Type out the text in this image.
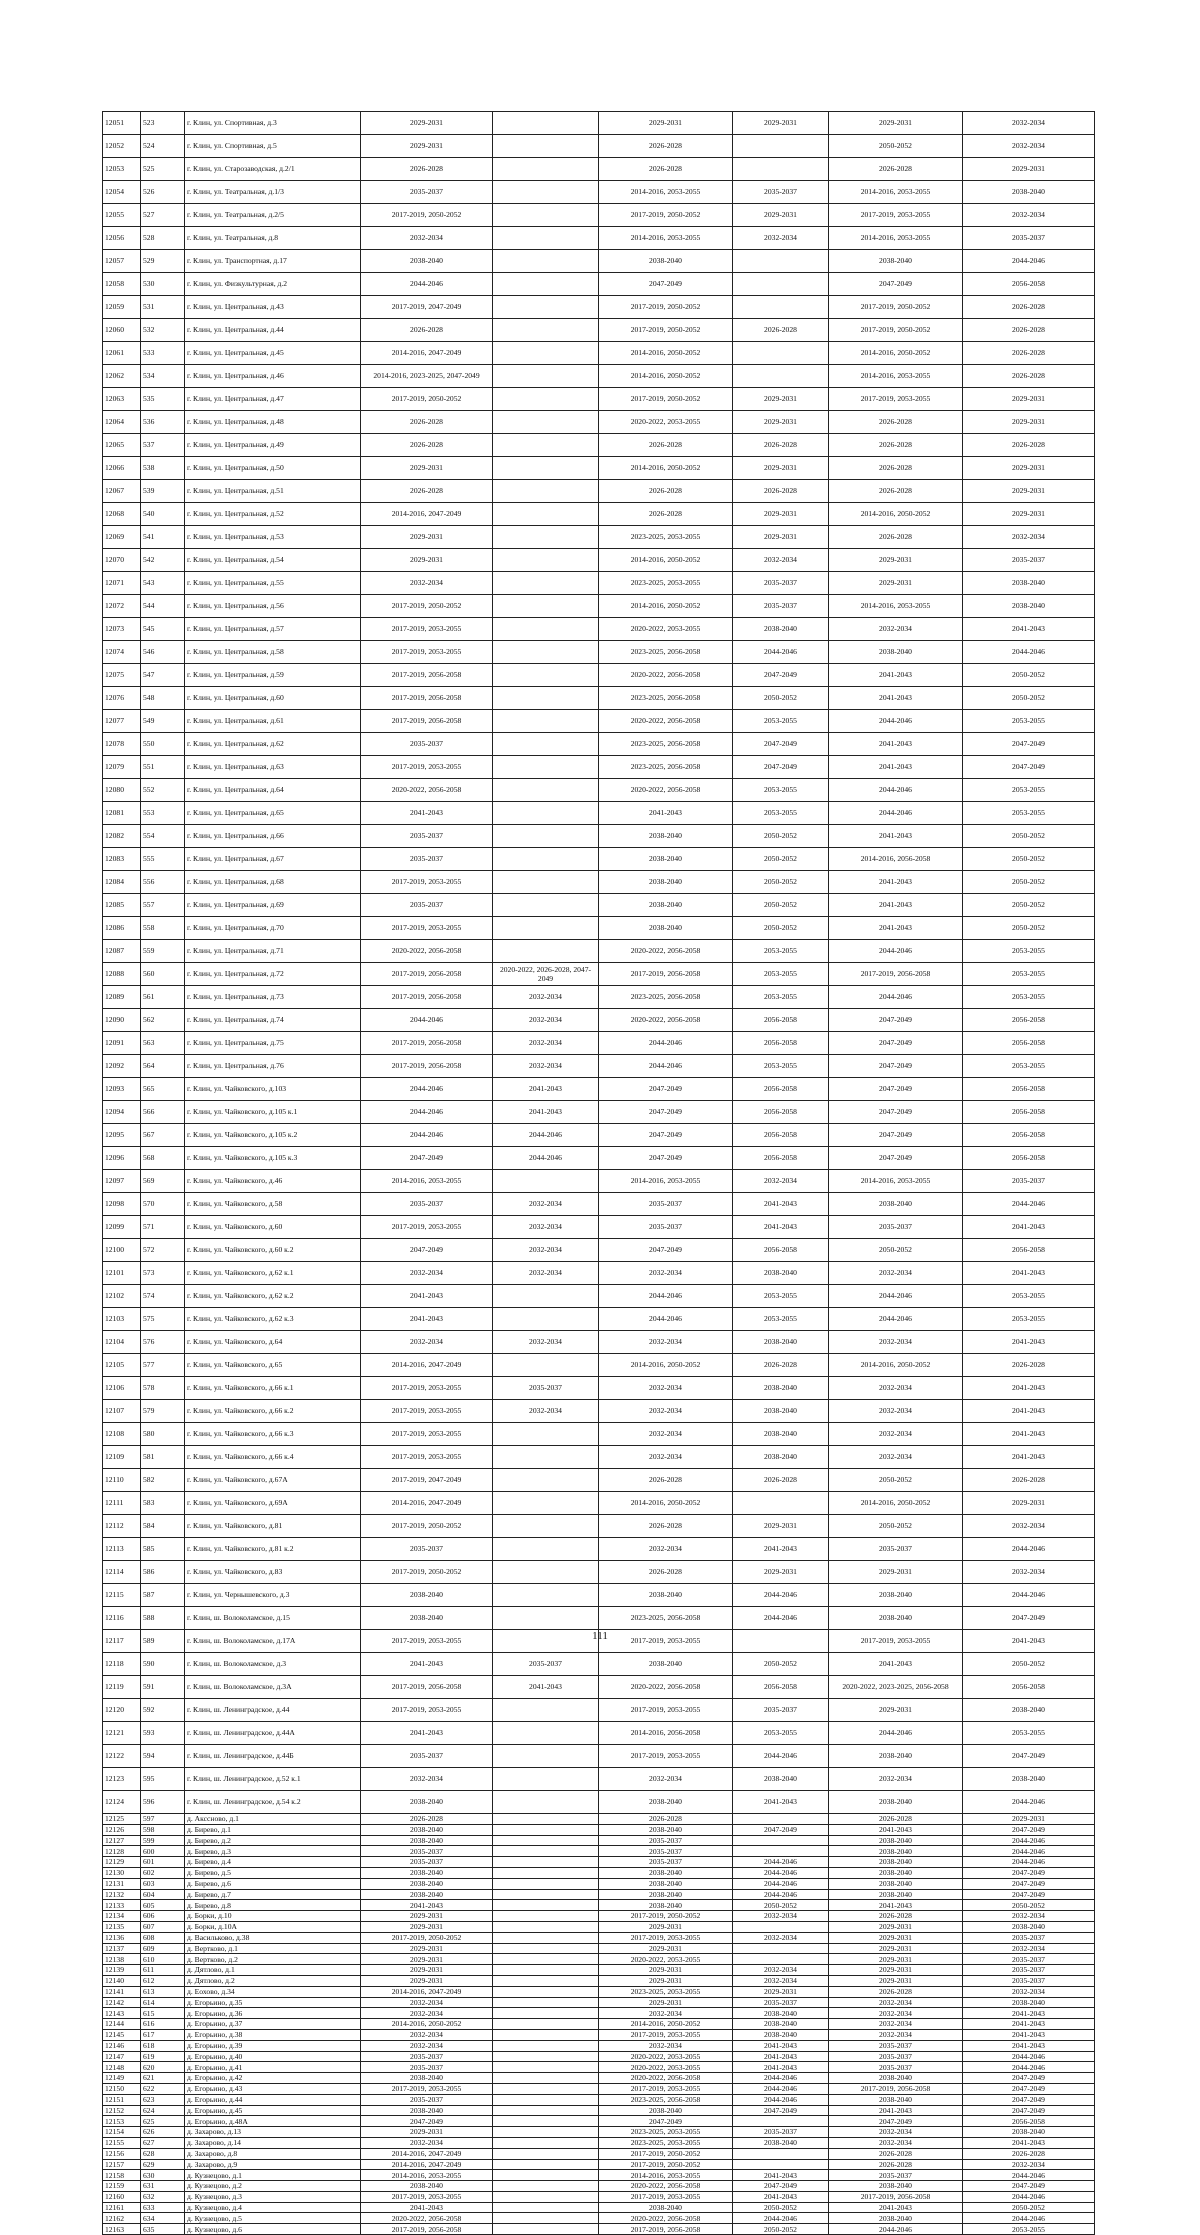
12051	523	г. Клин, ул. Спортивная, д.3	2029-2031		2029-2031	2029-2031	2029-2031	2032-2034
12052	524	г. Клин, ул. Спортивная, д.5	2029-2031		2026-2028		2050-2052	2032-2034
12053	525	г. Клин, ул. Старозаводская, д.2/1	2026-2028		2026-2028		2026-2028	2029-2031
12054	526	г. Клин, ул. Театральная, д.1/3	2035-2037		2014-2016, 2053-2055	2035-2037	2014-2016, 2053-2055	2038-2040
12055	527	г. Клин, ул. Театральная, д.2/5	2017-2019, 2050-2052		2017-2019, 2050-2052	2029-2031	2017-2019, 2053-2055	2032-2034
12056	528	г. Клин, ул. Театральная, д.8	2032-2034		2014-2016, 2053-2055	2032-2034	2014-2016, 2053-2055	2035-2037
12057	529	г. Клин, ул. Транспортная, д.17	2038-2040		2038-2040		2038-2040	2044-2046
12058	530	г. Клин, ул. Физкультурная, д.2	2044-2046		2047-2049		2047-2049	2056-2058
12059	531	г. Клин, ул. Центральная, д.43	2017-2019, 2047-2049		2017-2019, 2050-2052		2017-2019, 2050-2052	2026-2028
12060	532	г. Клин, ул. Центральная, д.44	2026-2028		2017-2019, 2050-2052	2026-2028	2017-2019, 2050-2052	2026-2028
12061	533	г. Клин, ул. Центральная, д.45	2014-2016, 2047-2049		2014-2016, 2050-2052		2014-2016, 2050-2052	2026-2028
12062	534	г. Клин, ул. Центральная, д.46	2014-2016, 2023-2025, 2047-2049		2014-2016, 2050-2052		2014-2016, 2053-2055	2026-2028
12063	535	г. Клин, ул. Центральная, д.47	2017-2019, 2050-2052		2017-2019, 2050-2052	2029-2031	2017-2019, 2053-2055	2029-2031
12064	536	г. Клин, ул. Центральная, д.48	2026-2028		2020-2022, 2053-2055	2029-2031	2026-2028	2029-2031
12065	537	г. Клин, ул. Центральная, д.49	2026-2028		2026-2028	2026-2028	2026-2028	2026-2028
12066	538	г. Клин, ул. Центральная, д.50	2029-2031		2014-2016, 2050-2052	2029-2031	2026-2028	2029-2031
12067	539	г. Клин, ул. Центральная, д.51	2026-2028		2026-2028	2026-2028	2026-2028	2029-2031
12068	540	г. Клин, ул. Центральная, д.52	2014-2016, 2047-2049		2026-2028	2029-2031	2014-2016, 2050-2052	2029-2031
12069	541	г. Клин, ул. Центральная, д.53	2029-2031		2023-2025, 2053-2055	2029-2031	2026-2028	2032-2034
12070	542	г. Клин, ул. Центральная, д.54	2029-2031		2014-2016, 2050-2052	2032-2034	2029-2031	2035-2037
12071	543	г. Клин, ул. Центральная, д.55	2032-2034		2023-2025, 2053-2055	2035-2037	2029-2031	2038-2040
12072	544	г. Клин, ул. Центральная, д.56	2017-2019, 2050-2052		2014-2016, 2050-2052	2035-2037	2014-2016, 2053-2055	2038-2040
12073	545	г. Клин, ул. Центральная, д.57	2017-2019, 2053-2055		2020-2022, 2053-2055	2038-2040	2032-2034	2041-2043
12074	546	г. Клин, ул. Центральная, д.58	2017-2019, 2053-2055		2023-2025, 2056-2058	2044-2046	2038-2040	2044-2046
12075	547	г. Клин, ул. Центральная, д.59	2017-2019, 2056-2058		2020-2022, 2056-2058	2047-2049	2041-2043	2050-2052
12076	548	г. Клин, ул. Центральная, д.60	2017-2019, 2056-2058		2023-2025, 2056-2058	2050-2052	2041-2043	2050-2052
12077	549	г. Клин, ул. Центральная, д.61	2017-2019, 2056-2058		2020-2022, 2056-2058	2053-2055	2044-2046	2053-2055
12078	550	г. Клин, ул. Центральная, д.62	2035-2037		2023-2025, 2056-2058	2047-2049	2041-2043	2047-2049
12079	551	г. Клин, ул. Центральная, д.63	2017-2019, 2053-2055		2023-2025, 2056-2058	2047-2049	2041-2043	2047-2049
12080	552	г. Клин, ул. Центральная, д.64	2020-2022, 2056-2058		2020-2022, 2056-2058	2053-2055	2044-2046	2053-2055
12081	553	г. Клин, ул. Центральная, д.65	2041-2043		2041-2043	2053-2055	2044-2046	2053-2055
12082	554	г. Клин, ул. Центральная, д.66	2035-2037		2038-2040	2050-2052	2041-2043	2050-2052
12083	555	г. Клин, ул. Центральная, д.67	2035-2037		2038-2040	2050-2052	2014-2016, 2056-2058	2050-2052
12084	556	г. Клин, ул. Центральная, д.68	2017-2019, 2053-2055		2038-2040	2050-2052	2041-2043	2050-2052
12085	557	г. Клин, ул. Центральная, д.69	2035-2037		2038-2040	2050-2052	2041-2043	2050-2052
12086	558	г. Клин, ул. Центральная, д.70	2017-2019, 2053-2055		2038-2040	2050-2052	2041-2043	2050-2052
12087	559	г. Клин, ул. Центральная, д.71	2020-2022, 2056-2058		2020-2022, 2056-2058	2053-2055	2044-2046	2053-2055
12088	560	г. Клин, ул. Центральная, д.72	2017-2019, 2056-2058	2020-2022, 2026-2028, 2047-2049	2017-2019, 2056-2058	2053-2055	2017-2019, 2056-2058	2053-2055
12089	561	г. Клин, ул. Центральная, д.73	2017-2019, 2056-2058	2032-2034	2023-2025, 2056-2058	2053-2055	2044-2046	2053-2055
12090	562	г. Клин, ул. Центральная, д.74	2044-2046	2032-2034	2020-2022, 2056-2058	2056-2058	2047-2049	2056-2058
12091	563	г. Клин, ул. Центральная, д.75	2017-2019, 2056-2058	2032-2034	2044-2046	2056-2058	2047-2049	2056-2058
12092	564	г. Клин, ул. Центральная, д.76	2017-2019, 2056-2058	2032-2034	2044-2046	2053-2055	2047-2049	2053-2055
12093	565	г. Клин, ул. Чайковского, д.103	2044-2046	2041-2043	2047-2049	2056-2058	2047-2049	2056-2058
12094	566	г. Клин, ул. Чайковского, д.105 к.1	2044-2046	2041-2043	2047-2049	2056-2058	2047-2049	2056-2058
12095	567	г. Клин, ул. Чайковского, д.105 к.2	2044-2046	2044-2046	2047-2049	2056-2058	2047-2049	2056-2058
12096	568	г. Клин, ул. Чайковского, д.105 к.3	2047-2049	2044-2046	2047-2049	2056-2058	2047-2049	2056-2058
12097	569	г. Клин, ул. Чайковского, д.46	2014-2016, 2053-2055		2014-2016, 2053-2055	2032-2034	2014-2016, 2053-2055	2035-2037
12098	570	г. Клин, ул. Чайковского, д.58	2035-2037	2032-2034	2035-2037	2041-2043	2038-2040	2044-2046
12099	571	г. Клин, ул. Чайковского, д.60	2017-2019, 2053-2055	2032-2034	2035-2037	2041-2043	2035-2037	2041-2043
12100	572	г. Клин, ул. Чайковского, д.60 к.2	2047-2049	2032-2034	2047-2049	2056-2058	2050-2052	2056-2058
12101	573	г. Клин, ул. Чайковского, д.62 к.1	2032-2034	2032-2034	2032-2034	2038-2040	2032-2034	2041-2043
12102	574	г. Клин, ул. Чайковского, д.62 к.2	2041-2043		2044-2046	2053-2055	2044-2046	2053-2055
12103	575	г. Клин, ул. Чайковского, д.62 к.3	2041-2043		2044-2046	2053-2055	2044-2046	2053-2055
12104	576	г. Клин, ул. Чайковского, д.64	2032-2034	2032-2034	2032-2034	2038-2040	2032-2034	2041-2043
12105	577	г. Клин, ул. Чайковского, д.65	2014-2016, 2047-2049		2014-2016, 2050-2052	2026-2028	2014-2016, 2050-2052	2026-2028
12106	578	г. Клин, ул. Чайковского, д.66 к.1	2017-2019, 2053-2055	2035-2037	2032-2034	2038-2040	2032-2034	2041-2043
12107	579	г. Клин, ул. Чайковского, д.66 к.2	2017-2019, 2053-2055	2032-2034	2032-2034	2038-2040	2032-2034	2041-2043
12108	580	г. Клин, ул. Чайковского, д.66 к.3	2017-2019, 2053-2055		2032-2034	2038-2040	2032-2034	2041-2043
12109	581	г. Клин, ул. Чайковского, д.66 к.4	2017-2019, 2053-2055		2032-2034	2038-2040	2032-2034	2041-2043
12110	582	г. Клин, ул. Чайковского, д.67А	2017-2019, 2047-2049		2026-2028	2026-2028	2050-2052	2026-2028
12111	583	г. Клин, ул. Чайковского, д.69А	2014-2016, 2047-2049		2014-2016, 2050-2052		2014-2016, 2050-2052	2029-2031
12112	584	г. Клин, ул. Чайковского, д.81	2017-2019, 2050-2052		2026-2028	2029-2031	2050-2052	2032-2034
12113	585	г. Клин, ул. Чайковского, д.81 к.2	2035-2037		2032-2034	2041-2043	2035-2037	2044-2046
12114	586	г. Клин, ул. Чайковского, д.83	2017-2019, 2050-2052		2026-2028	2029-2031	2029-2031	2032-2034
12115	587	г. Клин, ул. Чернышевского, д.3	2038-2040		2038-2040	2044-2046	2038-2040	2044-2046
12116	588	г. Клин, ш. Волоколамское, д.15	2038-2040		2023-2025, 2056-2058	2044-2046	2038-2040	2047-2049
12117	589	г. Клин, ш. Волоколамское, д.17А	2017-2019, 2053-2055		2017-2019, 2053-2055		2017-2019, 2053-2055	2041-2043
12118	590	г. Клин, ш. Волоколамское, д.3	2041-2043	2035-2037	2038-2040	2050-2052	2041-2043	2050-2052
12119	591	г. Клин, ш. Волоколамское, д.3А	2017-2019, 2056-2058	2041-2043	2020-2022, 2056-2058	2056-2058	2020-2022, 2023-2025, 2056-2058	2056-2058
12120	592	г. Клин, ш. Ленинградское, д.44	2017-2019, 2053-2055		2017-2019, 2053-2055	2035-2037	2029-2031	2038-2040
12121	593	г. Клин, ш. Ленинградское, д.44А	2041-2043		2014-2016, 2056-2058	2053-2055	2044-2046	2053-2055
12122	594	г. Клин, ш. Ленинградское, д.44Б	2035-2037		2017-2019, 2053-2055	2044-2046	2038-2040	2047-2049
12123	595	г. Клин, ш. Ленинградское, д.52 к.1	2032-2034		2032-2034	2038-2040	2032-2034	2038-2040
12124	596	г. Клин, ш. Ленинградское, д.54 к.2	2038-2040		2038-2040	2041-2043	2038-2040	2044-2046
12125	597	д. Акссново, д.1	2026-2028		2026-2028		2026-2028	2029-2031
12126	598	д. Бирево, д.1	2038-2040		2038-2040	2047-2049	2041-2043	2047-2049
12127	599	д. Бирево, д.2	2038-2040		2035-2037		2038-2040	2044-2046
12128	600	д. Бирево, д.3	2035-2037		2035-2037		2038-2040	2044-2046
12129	601	д. Бирево, д.4	2035-2037		2035-2037	2044-2046	2038-2040	2044-2046
12130	602	д. Бирево, д.5	2038-2040		2038-2040	2044-2046	2038-2040	2047-2049
12131	603	д. Бирево, д.6	2038-2040		2038-2040	2044-2046	2038-2040	2047-2049
12132	604	д. Бирево, д.7	2038-2040		2038-2040	2044-2046	2038-2040	2047-2049
12133	605	д. Бирево, д.8	2041-2043		2038-2040	2050-2052	2041-2043	2050-2052
12134	606	д. Борки, д.10	2029-2031		2017-2019, 2050-2052	2032-2034	2026-2028	2032-2034
12135	607	д. Борки, д.10А	2029-2031		2029-2031		2029-2031	2038-2040
12136	608	д. Васильково, д.38	2017-2019, 2050-2052		2017-2019, 2053-2055	2032-2034	2029-2031	2035-2037
12137	609	д. Вертково, д.1	2029-2031		2029-2031		2029-2031	2032-2034
12138	610	д. Вертково, д.2	2029-2031		2020-2022, 2053-2055		2029-2031	2035-2037
12139	611	д. Дятлово, д.1	2029-2031		2029-2031	2032-2034	2029-2031	2035-2037
12140	612	д. Дятлово, д.2	2029-2031		2029-2031	2032-2034	2029-2031	2035-2037
12141	613	д. Еохово, д.34	2014-2016, 2047-2049		2023-2025, 2053-2055	2029-2031	2026-2028	2032-2034
12142	614	д. Егорьино, д.35	2032-2034		2029-2031	2035-2037	2032-2034	2038-2040
12143	615	д. Егорьино, д.36	2032-2034		2032-2034	2038-2040	2032-2034	2041-2043
12144	616	д. Егорьино, д.37	2014-2016, 2050-2052		2014-2016, 2050-2052	2038-2040	2032-2034	2041-2043
12145	617	д. Егорьино, д.38	2032-2034		2017-2019, 2053-2055	2038-2040	2032-2034	2041-2043
12146	618	д. Егорьино, д.39	2032-2034		2032-2034	2041-2043	2035-2037	2041-2043
12147	619	д. Егорьино, д.40	2035-2037		2020-2022, 2053-2055	2041-2043	2035-2037	2044-2046
12148	620	д. Егорьино, д.41	2035-2037		2020-2022, 2053-2055	2041-2043	2035-2037	2044-2046
12149	621	д. Егорьино, д.42	2038-2040		2020-2022, 2056-2058	2044-2046	2038-2040	2047-2049
12150	622	д. Егорьино, д.43	2017-2019, 2053-2055		2017-2019, 2053-2055	2044-2046	2017-2019, 2056-2058	2047-2049
12151	623	д. Егорьино, д.44	2035-2037		2023-2025, 2056-2058	2044-2046	2038-2040	2047-2049
12152	624	д. Егорьино, д.45	2038-2040		2038-2040	2047-2049	2041-2043	2047-2049
12153	625	д. Егорьино, д.48А	2047-2049		2047-2049		2047-2049	2056-2058
12154	626	д. Захарово, д.13	2029-2031		2023-2025, 2053-2055	2035-2037	2032-2034	2038-2040
12155	627	д. Захарово, д.14	2032-2034		2023-2025, 2053-2055	2038-2040	2032-2034	2041-2043
12156	628	д. Захарово, д.8	2014-2016, 2047-2049		2017-2019, 2050-2052		2026-2028	2026-2028
12157	629	д. Захарово, д.9	2014-2016, 2047-2049		2017-2019, 2050-2052		2026-2028	2032-2034
12158	630	д. Кузнецово, д.1	2014-2016, 2053-2055		2014-2016, 2053-2055	2041-2043	2035-2037	2044-2046
12159	631	д. Кузнецово, д.2	2038-2040		2020-2022, 2056-2058	2047-2049	2038-2040	2047-2049
12160	632	д. Кузнецово, д.3	2017-2019, 2053-2055		2017-2019, 2053-2055	2041-2043	2017-2019, 2056-2058	2044-2046
12161	633	д. Кузнецово, д.4	2041-2043		2038-2040	2050-2052	2041-2043	2050-2052
12162	634	д. Кузнецово, д.5	2020-2022, 2056-2058		2020-2022, 2056-2058	2044-2046	2038-2040	2044-2046
12163	635	д. Кузнецово, д.6	2017-2019, 2056-2058		2017-2019, 2056-2058	2050-2052	2044-2046	2053-2055
111
